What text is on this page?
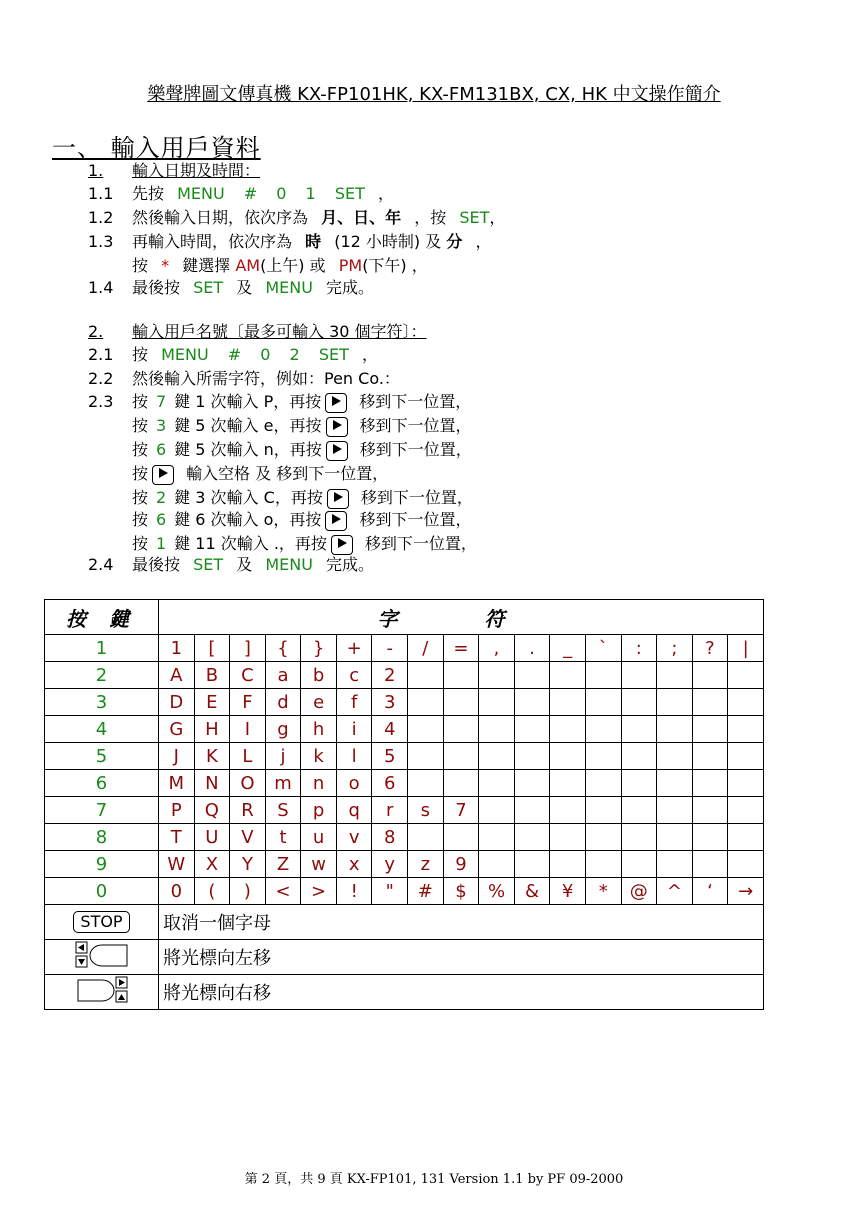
樂聲牌圖文傳真機 KX-FP101HK, KX-FM131BX, CX, HK 中文操作簡介
一、 輸入用戶資料
1. 輸入日期及時間：
1.1 先按 MENU # 0 1 SET ，
1.2 然後輸入日期，依次序為 月、日、年 ，按 SET，
1.3 再輸入時間，依次序為 時 (12 小時制) 及 分 ，
按 * 鍵選擇 AM(上午) 或 PM(下午) ，
1.4 最後按 SET 及 MENU 完成。
2. 輸入用戶名號〔最多可輸入 30 個字符〕：
2.1 按 MENU # 0 2 SET ，
2.2 然後輸入所需字符，例如：Pen Co.：
2.3 按 7 鍵 1 次輸入 P，再按 移到下一位置，
按 3 鍵 5 次輸入 e，再按 移到下一位置，
按 6 鍵 5 次輸入 n，再按 移到下一位置，
按 輸入空格 及 移到下一位置，
按 2 鍵 3 次輸入 C，再按 移到下一位置，
按 6 鍵 6 次輸入 o，再按 移到下一位置，
按 1 鍵 11 次輸入 .，再按 移到下一位置，
2.4 最後按 SET 及 MENU 完成。
按 鍵	字 符																
1	1	[	]	{	}	+	-	/	=	,	.	_	`	:	;	?	|
2	A	B	C	a	b	c	2										
3	D	E	F	d	e	f	3										
4	G	H	I	g	h	i	4										
5	J	K	L	j	k	l	5										
6	M	N	O	m	n	o	6										
7	P	Q	R	S	p	q	r	s	7								
8	T	U	V	t	u	v	8										
9	W	X	Y	Z	w	x	y	z	9								
0	0	(	)	<	>	!	"	#	$	%	&	¥	*	@	^	‘	→
STOP	取消一個字母																
	將光標向左移																
	將光標向右移																
第 2 頁，共 9 頁 KX-FP101, 131 Version 1.1 by PF 09-2000
